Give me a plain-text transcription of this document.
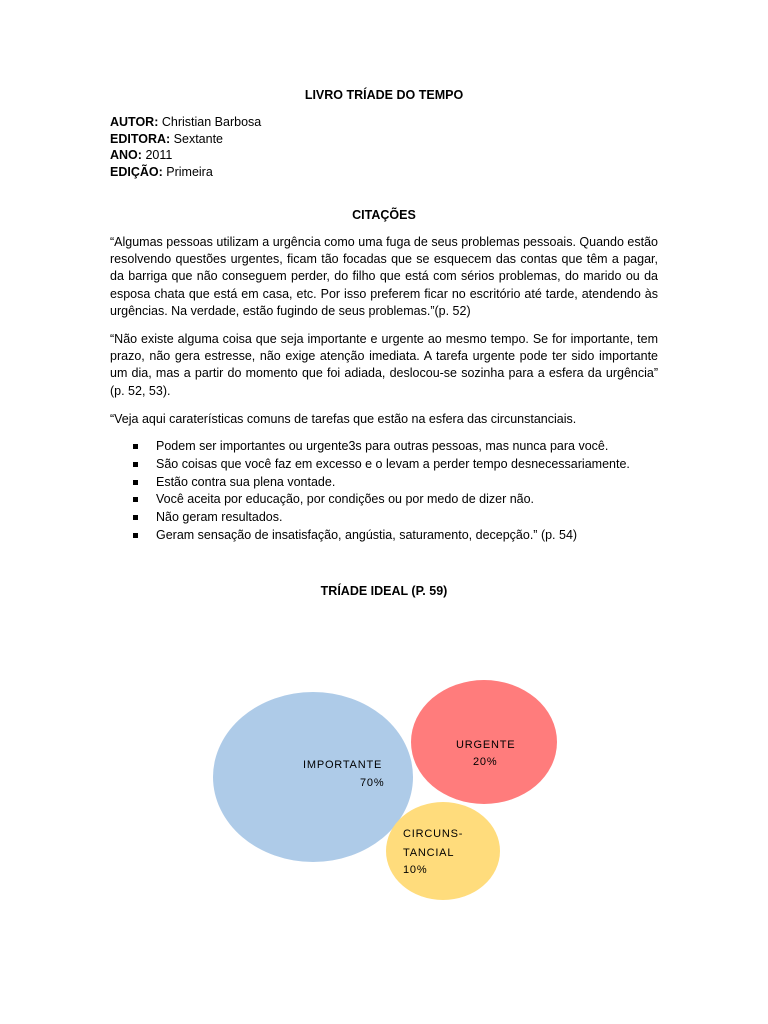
LIVRO TRÍADE DO TEMPO
AUTOR: Christian Barbosa
EDITORA: Sextante
ANO: 2011
EDIÇÃO: Primeira
CITAÇÕES
“Algumas pessoas utilizam a urgência como uma fuga de seus problemas pessoais. Quando estão resolvendo questões urgentes, ficam tão focadas que se esquecem das contas que têm a pagar, da barriga que não conseguem perder, do filho que está com sérios problemas, do marido ou da esposa chata que está em casa, etc. Por isso preferem ficar no escritório até tarde, atendendo às urgências. Na verdade, estão fugindo de seus problemas.”(p. 52)
“Não existe alguma coisa que seja importante e urgente ao mesmo tempo. Se for importante, tem prazo, não gera estresse, não exige atenção imediata. A tarefa urgente pode ter sido importante um dia, mas a partir do momento que foi adiada, deslocou-se sozinha para a esfera da urgência” (p. 52, 53).
“Veja aqui caraterísticas comuns de tarefas que estão na esfera das circunstanciais.
Podem ser importantes ou urgente3s para outras pessoas, mas nunca para você.
São coisas que você faz em excesso e o levam a perder tempo desnecessariamente.
Estão contra sua plena vontade.
Você aceita por educação, por condições ou por medo de dizer não.
Não geram resultados.
Geram sensação de insatisfação, angústia, saturamento, decepção.” (p. 54)
TRÍADE IDEAL (P. 59)
IMPORTANTE
70%
URGENTE
20%
CIRCUNS- TANCIAL
10%
